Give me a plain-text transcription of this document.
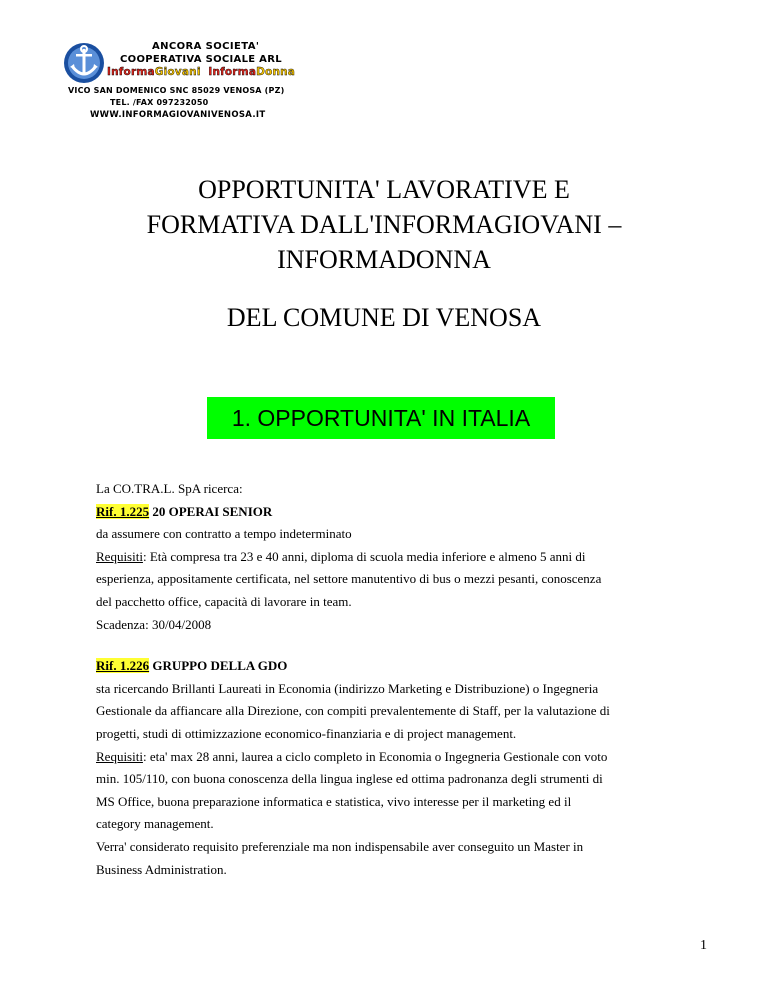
ANCORA SOCIETA'
COOPERATIVA SOCIALE ARL
InformaGiovani InformaDonna
VICO SAN DOMENICO SNC 85029 VENOSA (PZ)
TEL. /FAX 097232050
WWW.INFORMAGIOVANIVENOSA.IT
OPPORTUNITA' LAVORATIVE E
FORMATIVA DALL'INFORMAGIOVANI –
INFORMADONNA
DEL COMUNE DI VENOSA
1. OPPORTUNITA' IN ITALIA

La CO.TRA.L. SpA ricerca:

Rif. 1.225 20 OPERAI SENIOR

da assumere con contratto a tempo indeterminato

Requisiti: Età compresa tra 23 e 40 anni, diploma di scuola media inferiore e almeno 5 anni di

esperienza, appositamente certificata, nel settore manutentivo di bus o mezzi pesanti, conoscenza

del pacchetto office, capacità di lavorare in team.

Scadenza: 30/04/2008

Rif. 1.226 GRUPPO DELLA GDO

sta ricercando Brillanti Laureati in Economia (indirizzo Marketing e Distribuzione) o Ingegneria

Gestionale da affiancare alla Direzione, con compiti prevalentemente di Staff, per la valutazione di

progetti, studi di ottimizzazione economico-finanziaria e di project management.

Requisiti: eta' max 28 anni, laurea a ciclo completo in Economia o Ingegneria Gestionale con voto

min. 105/110, con buona conoscenza della lingua inglese ed ottima padronanza degli strumenti di

MS Office, buona preparazione informatica e statistica, vivo interesse per il marketing ed il

category management.

Verra' considerato requisito preferenziale ma non indispensabile aver conseguito un Master in

Business Administration.

1
